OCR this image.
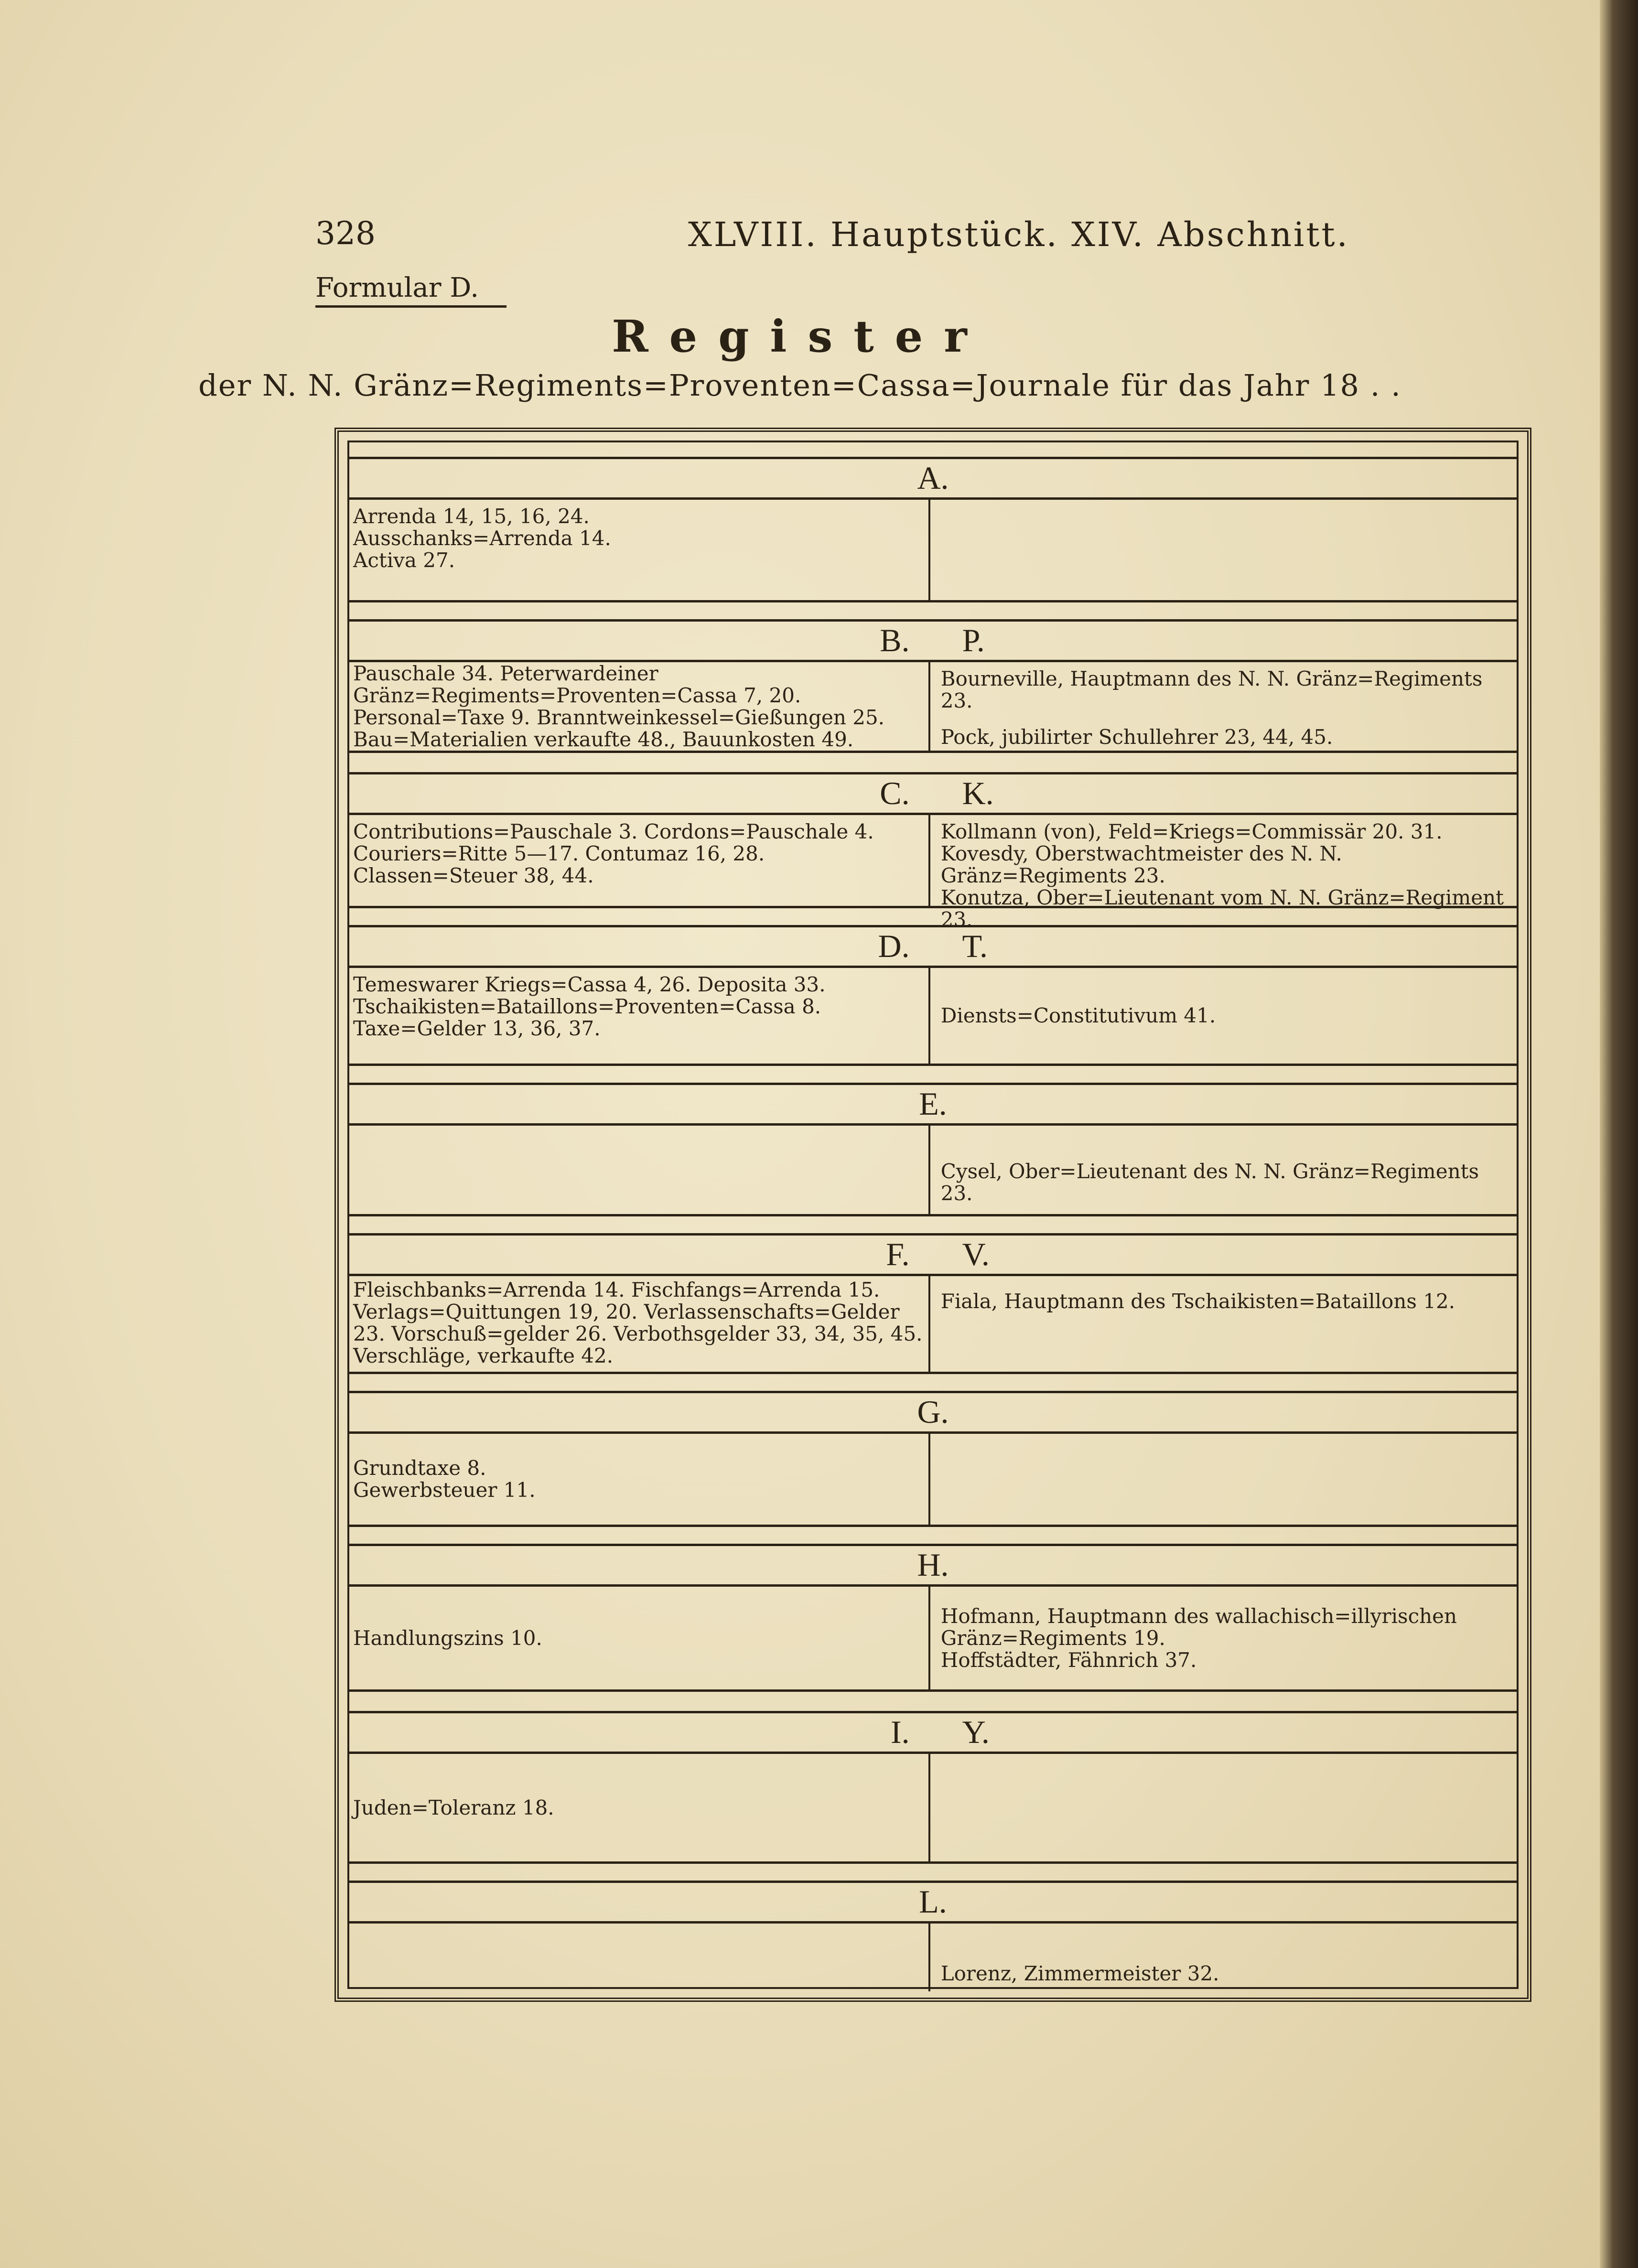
328	XLVIII. Hauptstück. XIV. Abschnitt.
Formular D.
Register
der N. N. Gränz=Regiments=Proventen=Cassa=Journale für das Jahr 18 . .
A.
Arrenda 14, 15, 16, 24.
Ausschanks=Arrenda 14.
Activa 27.
B. P.
Pauschale 34. Peterwardeiner Gränz=Regiments=Proventen=Cassa 7, 20. Personal=Taxe 9. Branntweinkessel=Gießungen 25. Bau=Materialien verkaufte 48., Bauunkosten 49.
Bourneville, Hauptmann des N. N. Gränz=Regiments 23.
Pock, jubilirter Schullehrer 23, 44, 45.
C. K.
Contributions=Pauschale 3. Cordons=Pauschale 4. Couriers=Ritte 5—17. Contumaz 16, 28. Classen=Steuer 38, 44.
Kollmann (von), Feld=Kriegs=Commissär 20. 31. Kovesdy, Oberstwachtmeister des N. N. Gränz=Regiments 23.
Konutza, Ober=Lieutenant vom N. N. Gränz=Regiment 23.
D. T.
Temeswarer Kriegs=Cassa 4, 26. Deposita 33.
Tschaikisten=Bataillons=Proventen=Cassa 8. Taxe=Gelder 13, 36, 37.
Diensts=Constitutivum 41.
E.
Cysel, Ober=Lieutenant des N. N. Gränz=Regiments 23.
F. V.
Fleischbanks=Arrenda 14. Fischfangs=Arrenda 15. Verlags=Quittungen 19, 20. Verlassenschafts=Gelder 23. Vorschuß=gelder 26. Verbothsgelder 33, 34, 35, 45. Verschläge, verkaufte 42.
Fiala, Hauptmann des Tschaikisten=Bataillons 12.
G.
Grundtaxe 8.
Gewerbsteuer 11.
H.
Handlungszins 10.
Hofmann, Hauptmann des wallachisch=illyrischen Gränz=Regiments 19.
Hoffstädter, Fähnrich 37.
I. Y.
Juden=Toleranz 18.
L.
Lorenz, Zimmermeister 32.
